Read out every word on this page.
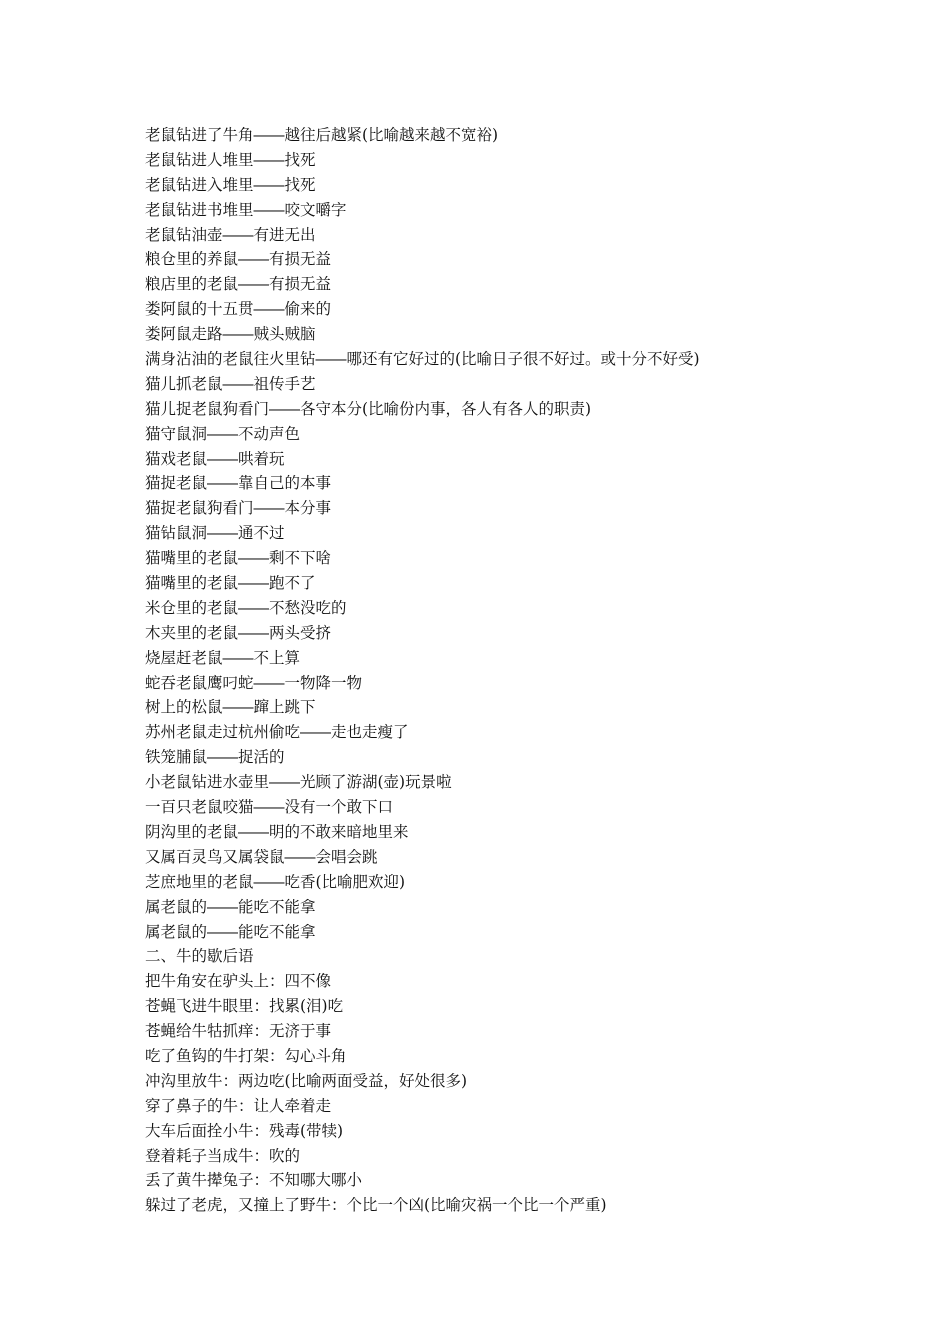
老鼠钻进了牛角――越往后越紧(比喻越来越不宽裕)
老鼠钻进人堆里――找死
老鼠钻进入堆里――找死
老鼠钻进书堆里――咬文嚼字
老鼠钻油壶――有进无出
粮仓里的养鼠――有损无益
粮店里的老鼠――有损无益
娄阿鼠的十五贯――偷来的
娄阿鼠走路――贼头贼脑
满身沾油的老鼠往火里钻――哪还有它好过的(比喻日子很不好过。或十分不好受)
猫儿抓老鼠――祖传手艺
猫儿捉老鼠狗看门――各守本分(比喻份内事，各人有各人的职责)
猫守鼠洞――不动声色
猫戏老鼠――哄着玩
猫捉老鼠――靠自己的本事
猫捉老鼠狗看门――本分事
猫钻鼠洞――通不过
猫嘴里的老鼠――剩不下啥
猫嘴里的老鼠――跑不了
米仓里的老鼠――不愁没吃的
木夹里的老鼠――两头受挤
烧屋赶老鼠――不上算
蛇吞老鼠鹰叼蛇――一物降一物
树上的松鼠――蹿上跳下
苏州老鼠走过杭州偷吃――走也走瘦了
铁笼脯鼠――捉活的
小老鼠钻进水壶里――光顾了游湖(壶)玩景啦
一百只老鼠咬猫――没有一个敢下口
阴沟里的老鼠――明的不敢来暗地里来
又属百灵鸟又属袋鼠――会唱会跳
芝庶地里的老鼠――吃香(比喻肥欢迎)
属老鼠的――能吃不能拿
属老鼠的――能吃不能拿
二、牛的歇后语
把牛角安在驴头上：四不像
苍蝇飞进牛眼里：找累(泪)吃
苍蝇给牛牯抓痒：无济于事
吃了鱼钩的牛打架：勾心斗角
冲沟里放牛：两边吃(比喻两面受益，好处很多)
穿了鼻子的牛：让人牵着走
大车后面拴小牛：残毒(带犊)
登着耗子当成牛：吹的
丢了黄牛撵兔子：不知哪大哪小
躲过了老虎，又撞上了野牛：个比一个凶(比喻灾祸一个比一个严重)
